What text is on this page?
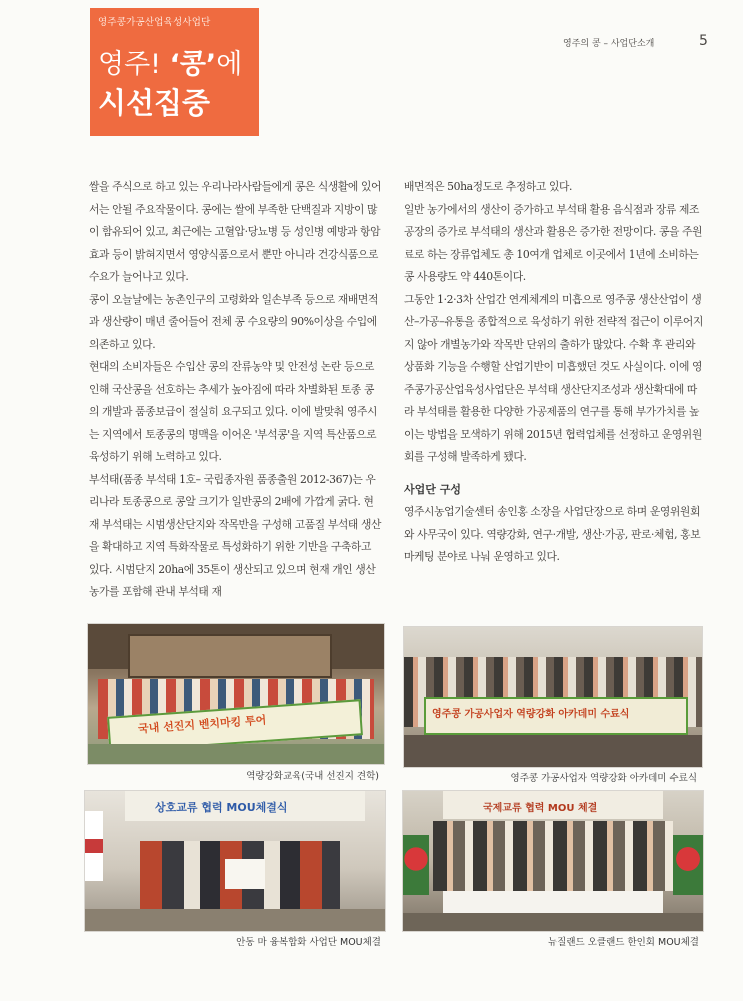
영주콩가공산업육성사업단
영주! ‘콩’에
시선집중
영주의 콩 – 사업단소개	5

쌀을 주식으로 하고 있는 우리나라사람들에게 콩은 식생활에 있어서는 안될 주요작물이다. 콩에는 쌀에 부족한 단백질과 지방이 많이 함유되어 있고, 최근에는 고혈압·당뇨병 등 성인병 예방과 항암효과 등이 밝혀지면서 영양식품으로서 뿐만 아니라 건강식품으로 수요가 늘어나고 있다.

콩이 오늘날에는 농촌인구의 고령화와 일손부족 등으로 재배면적과 생산량이 매년 줄어들어 전체 콩 수요량의 90%이상을 수입에 의존하고 있다.

현대의 소비자들은 수입산 콩의 잔류농약 및 안전성 논란 등으로 인해 국산콩을 선호하는 추세가 높아짐에 따라 차별화된 토종 콩의 개발과 품종보급이 절실히 요구되고 있다. 이에 발맞춰 영주시는 지역에서 토종콩의 명맥을 이어온 '부석콩'을 지역 특산품으로 육성하기 위해 노력하고 있다.

부석태(품종 부석태 1호– 국립종자원 품종출원 2012-367)는 우리나라 토종콩으로 콩알 크기가 일반콩의 2배에 가깝게 굵다. 현재 부석태는 시범생산단지와 작목반을 구성해 고품질 부석태 생산을 확대하고 지역 특화작물로 특성화하기 위한 기반을 구축하고 있다. 시범단지 20ha에 35톤이 생산되고 있으며 현재 개인 생산 농가를 포함해 관내 부석태 재

배면적은 50ha정도로 추정하고 있다.

일반 농가에서의 생산이 증가하고 부석태 활용 음식점과 장류 제조공장의 증가로 부석태의 생산과 활용은 증가한 전망이다. 콩을 주원료로 하는 장류업체도 총 10여개 업체로 이곳에서 1년에 소비하는 콩 사용량도 약 440톤이다.

그동안 1·2·3차 산업간 연계체계의 미흡으로 영주콩 생산산업이 생산–가공–유통을 종합적으로 육성하기 위한 전략적 접근이 이루어지지 않아 개별농가와 작목반 단위의 출하가 많았다. 수확 후 관리와 상품화 기능을 수행할 산업기반이 미흡했던 것도 사실이다. 이에 영주콩가공산업육성사업단은 부석태 생산단지조성과 생산확대에 따라 부석태를 활용한 다양한 가공제품의 연구를 통해 부가가치를 높이는 방법을 모색하기 위해 2015년 협력업체를 선정하고 운영위원회를 구성해 발족하게 됐다.

사업단 구성

영주시농업기술센터 송인홍 소장을 사업단장으로 하며 운영위원회와 사무국이 있다. 역량강화, 연구·개발, 생산·가공, 판로·체험, 홍보마케팅 분야로 나눠 운영하고 있다.

국내 선진지 벤치마킹 투어
역량강화교육(국내 선진지 견학)
영주콩 가공사업자 역량강화 아카데미 수료식
영주콩 가공사업자 역량강화 아카데미 수료식
상호교류 협력 MOU체결식
안동 마 융복합화 사업단 MOU체결
국제교류 협력 MOU 체결
뉴질랜드 오클랜드 한인회 MOU체결
